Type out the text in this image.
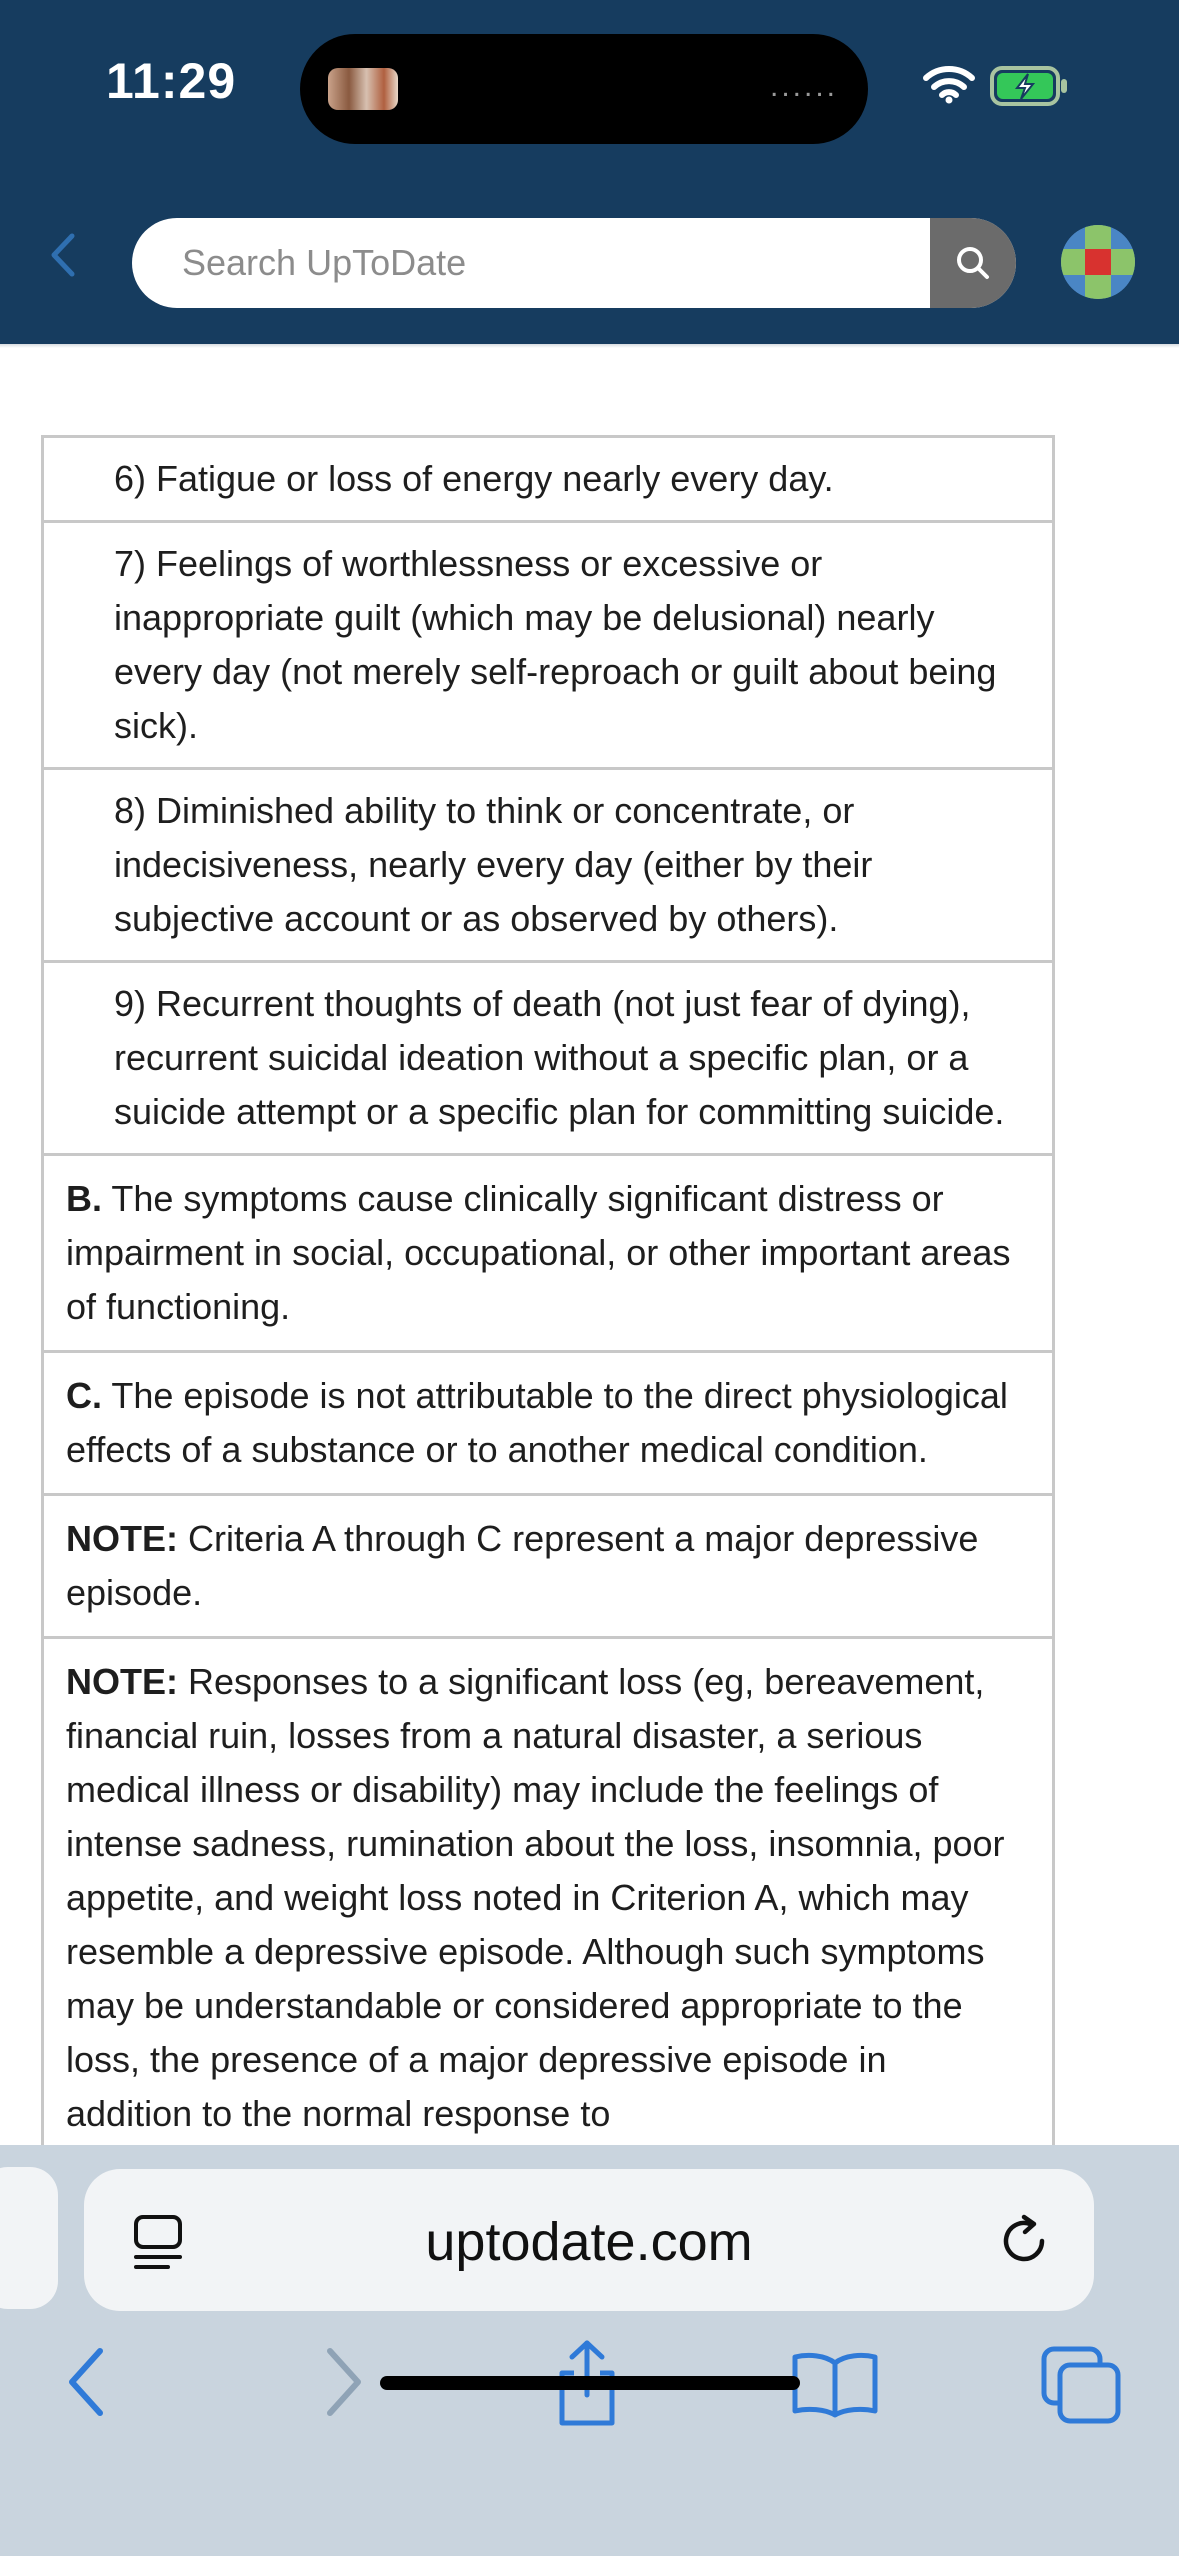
11:29	......
Search UpToDate
6) Fatigue or loss of energy nearly every day.
7) Feelings of worthlessness or excessive or inappropriate guilt (which may be delusional) nearly every day (not merely self-reproach or guilt about being sick).
8) Diminished ability to think or concentrate, or indecisiveness, nearly every day (either by their subjective account or as observed by others).
9) Recurrent thoughts of death (not just fear of dying), recurrent suicidal ideation without a specific plan, or a suicide attempt or a specific plan for committing suicide.
B. The symptoms cause clinically significant distress or impairment in social, occupational, or other important areas of functioning.
C. The episode is not attributable to the direct physiological effects of a substance or to another medical condition.
NOTE: Criteria A through C represent a major depressive episode.
NOTE: Responses to a significant loss (eg, bereavement, financial ruin, losses from a natural disaster, a serious medical illness or disability) may include the feelings of intense sadness, rumination about the loss, insomnia, poor appetite, and weight loss noted in Criterion A, which may resemble a depressive episode. Although such symptoms may be understandable or considered appropriate to the loss, the presence of a major depressive episode in addition to the normal response to
uptodate.com
